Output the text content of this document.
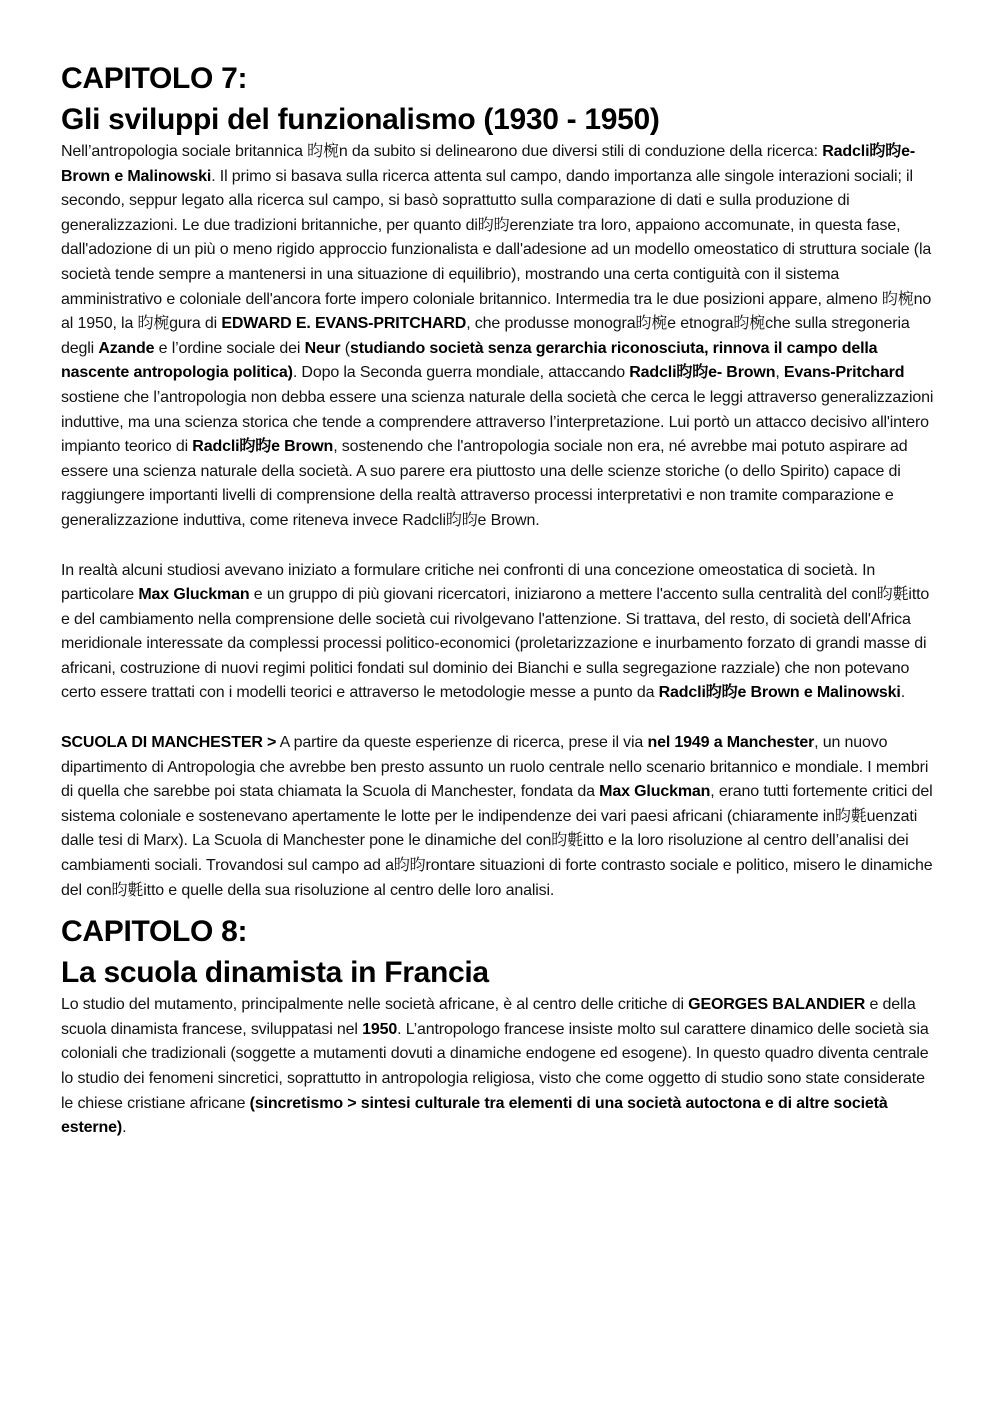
CAPITOLO 7:
Gli sviluppi del funzionalismo (1930 - 1950)

Nell’antropologia sociale britannica 昀椀n da subito si delinearono due diversi stili di conduzione della ricerca: Radcli昀昀e-Brown e Malinowski. Il primo si basava sulla ricerca attenta sul campo, dando importanza alle singole interazioni sociali; il secondo, seppur legato alla ricerca sul campo, si basò soprattutto sulla comparazione di dati e sulla produzione di generalizzazioni. Le due tradizioni britanniche, per quanto di昀昀erenziate tra loro, appaiono accomunate, in questa fase, dall'adozione di un più o meno rigido approccio funzionalista e dall'adesione ad un modello omeostatico di struttura sociale (la società tende sempre a mantenersi in una situazione di equilibrio), mostrando una certa contiguità con il sistema amministrativo e coloniale dell'ancora forte impero coloniale britannico. Intermedia tra le due posizioni appare, almeno 昀椀no al 1950, la 昀椀gura di EDWARD E. EVANS-PRITCHARD, che produsse monogra昀椀e etnogra昀椀che sulla stregoneria degli Azande e l’ordine sociale dei Neur (studiando società senza gerarchia riconosciuta, rinnova il campo della nascente antropologia politica). Dopo la Seconda guerra mondiale, attaccando Radcli昀昀e- Brown, Evans-Pritchard sostiene che l’antropologia non debba essere una scienza naturale della società che cerca le leggi attraverso generalizzazioni induttive, ma una scienza storica che tende a comprendere attraverso l’interpretazione. Lui portò un attacco decisivo all'intero impianto teorico di Radcli昀昀e Brown, sostenendo che l'antropologia sociale non era, né avrebbe mai potuto aspirare ad essere una scienza naturale della società. A suo parere era piuttosto una delle scienze storiche (o dello Spirito) capace di raggiungere importanti livelli di comprensione della realtà attraverso processi interpretativi e non tramite comparazione e generalizzazione induttiva, come riteneva invece Radcli昀昀e Brown.

In realtà alcuni studiosi avevano iniziato a formulare critiche nei confronti di una concezione omeostatica di società. In particolare Max Gluckman e un gruppo di più giovani ricercatori, iniziarono a mettere l'accento sulla centralità del con昀氀itto e del cambiamento nella comprensione delle società cui rivolgevano l'attenzione. Si trattava, del resto, di società dell'Africa meridionale interessate da complessi processi politico-economici (proletarizzazione e inurbamento forzato di grandi masse di africani, costruzione di nuovi regimi politici fondati sul dominio dei Bianchi e sulla segregazione razziale) che non potevano certo essere trattati con i modelli teorici e attraverso le metodologie messe a punto da Radcli昀昀e Brown e Malinowski.

SCUOLA DI MANCHESTER > A partire da queste esperienze di ricerca, prese il via nel 1949 a Manchester, un nuovo dipartimento di Antropologia che avrebbe ben presto assunto un ruolo centrale nello scenario britannico e mondiale. I membri di quella che sarebbe poi stata chiamata la Scuola di Manchester, fondata da Max Gluckman, erano tutti fortemente critici del sistema coloniale e sostenevano apertamente le lotte per le indipendenze dei vari paesi africani (chiaramente in昀氀uenzati dalle tesi di Marx). La Scuola di Manchester pone le dinamiche del con昀氀itto e la loro risoluzione al centro dell’analisi dei cambiamenti sociali. Trovandosi sul campo ad a昀昀rontare situazioni di forte contrasto sociale e politico, misero le dinamiche del con昀氀itto e quelle della sua risoluzione al centro delle loro analisi.

CAPITOLO 8:
La scuola dinamista in Francia

Lo studio del mutamento, principalmente nelle società africane, è al centro delle critiche di GEORGES BALANDIER e della scuola dinamista francese, sviluppatasi nel 1950. L’antropologo francese insiste molto sul carattere dinamico delle società sia coloniali che tradizionali (soggette a mutamenti dovuti a dinamiche endogene ed esogene). In questo quadro diventa centrale lo studio dei fenomeni sincretici, soprattutto in antropologia religiosa, visto che come oggetto di studio sono state considerate le chiese cristiane africane (sincretismo > sintesi culturale tra elementi di una società autoctona e di altre società esterne).
